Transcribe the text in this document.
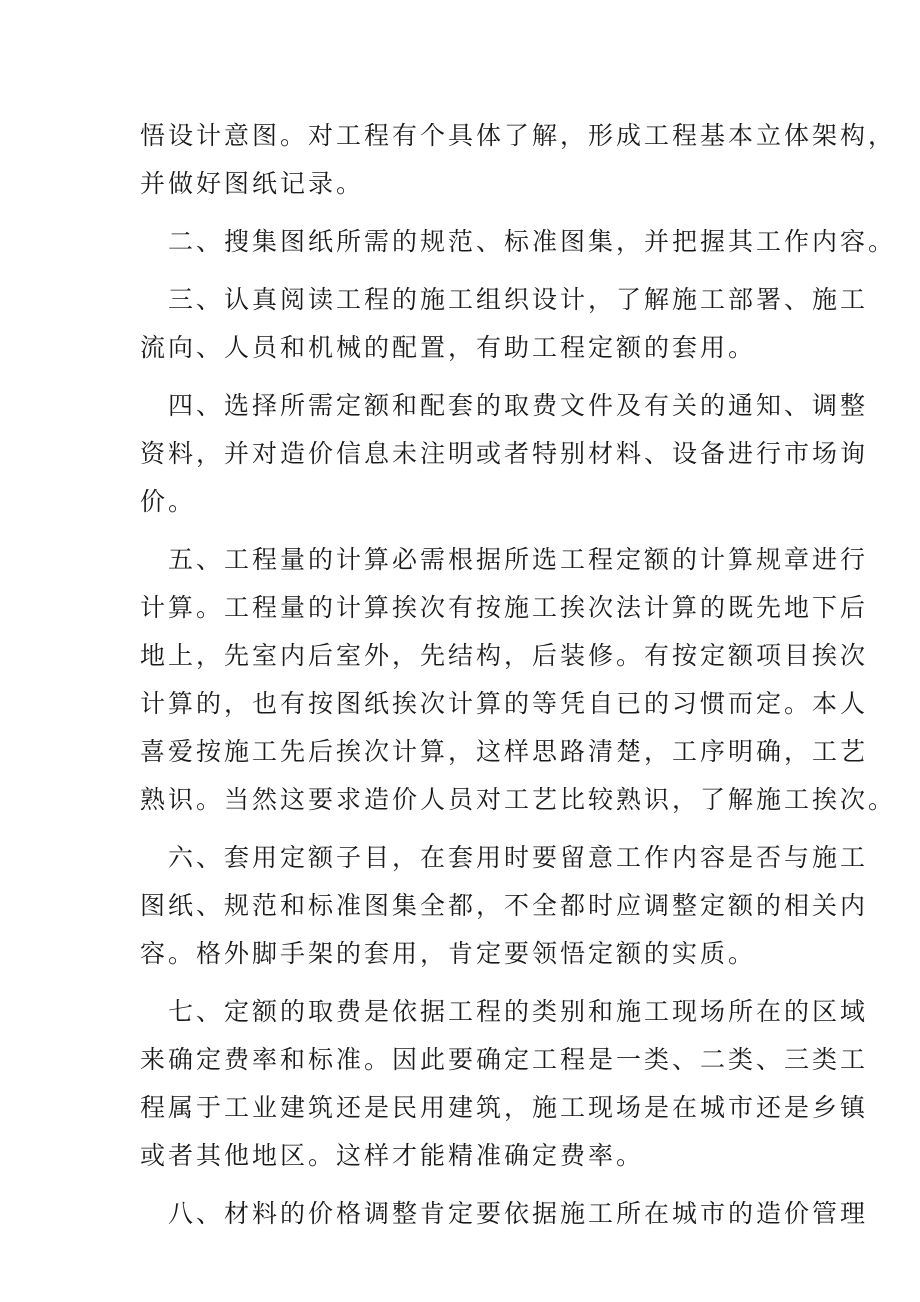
悟设计意图。对工程有个具体了解，形成工程基本立体架构，
并做好图纸记录。
二、搜集图纸所需的规范、标准图集，并把握其工作内容。
三、认真阅读工程的施工组织设计，了解施工部署、施工
流向、人员和机械的配置，有助工程定额的套用。
四、选择所需定额和配套的取费文件及有关的通知、调整
资料，并对造价信息未注明或者特别材料、设备进行市场询
价。
五、工程量的计算必需根据所选工程定额的计算规章进行
计算。工程量的计算挨次有按施工挨次法计算的既先地下后
地上，先室内后室外，先结构，后装修。有按定额项目挨次
计算的，也有按图纸挨次计算的等凭自已的习惯而定。本人
喜爱按施工先后挨次计算，这样思路清楚，工序明确，工艺
熟识。当然这要求造价人员对工艺比较熟识，了解施工挨次。
六、套用定额子目，在套用时要留意工作内容是否与施工
图纸、规范和标准图集全都，不全都时应调整定额的相关内
容。格外脚手架的套用，肯定要领悟定额的实质。
七、定额的取费是依据工程的类别和施工现场所在的区域
来确定费率和标准。因此要确定工程是一类、二类、三类工
程属于工业建筑还是民用建筑，施工现场是在城市还是乡镇
或者其他地区。这样才能精准确定费率。
八、材料的价格调整肯定要依据施工所在城市的造价管理
